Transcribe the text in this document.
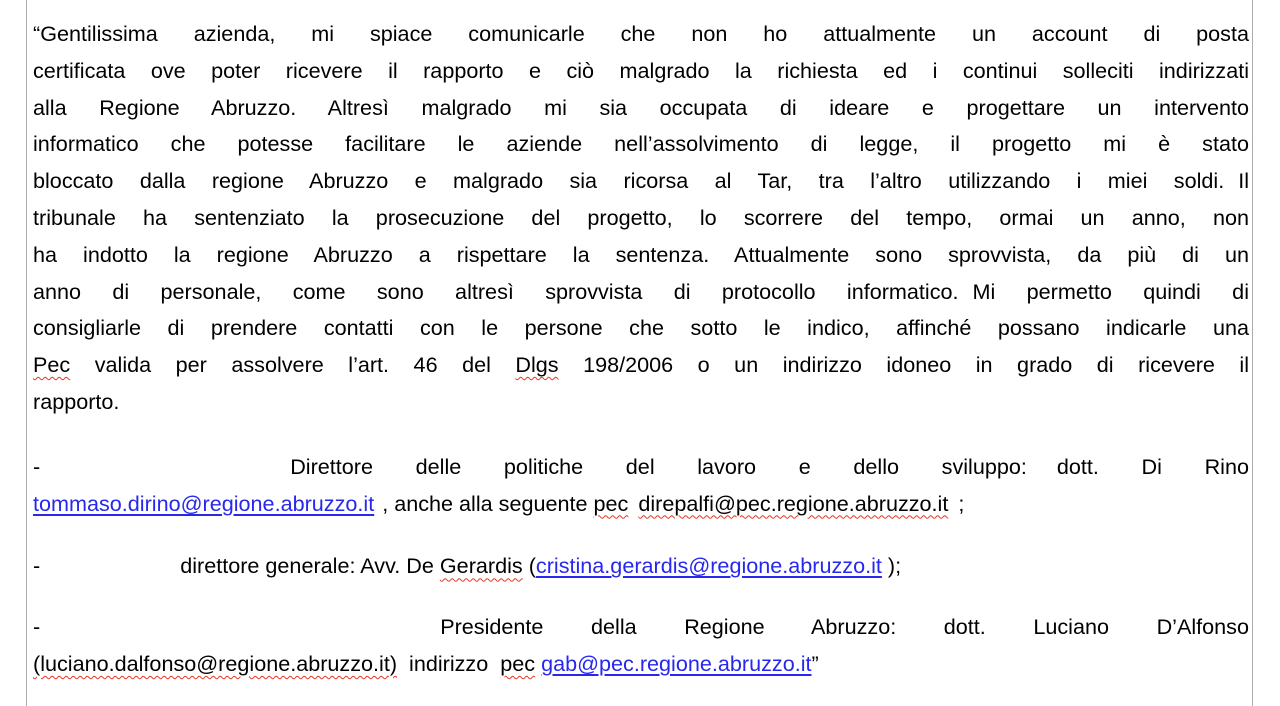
“Gentilissima azienda, mi spiace comunicarle che non ho attualmente un account di posta
certificata ove poter ricevere il rapporto e ciò malgrado la richiesta ed i continui solleciti indirizzati
alla Regione Abruzzo. Altresì malgrado mi sia occupata di ideare e progettare un intervento
informatico che potesse facilitare le aziende nell’assolvimento di legge, il progetto mi è stato
bloccato dalla regione Abruzzo e malgrado sia ricorsa al Tar, tra l’altro utilizzando i miei soldi. Il
tribunale ha sentenziato la prosecuzione del progetto, lo scorrere del tempo, ormai un anno, non
ha indotto la regione Abruzzo a rispettare la sentenza. Attualmente sono sprovvista, da più di un
anno di personale, come sono altresì sprovvista di protocollo informatico. Mi permetto quindi di
consigliarle di prendere contatti con le persone che sotto le indico, affinché possano indicarle una
Pec valida per assolvere l’art. 46 del Dlgs 198/2006 o un indirizzo idoneo in grado di ricevere il
rapporto.
-	Direttore delle politiche del lavoro e dello sviluppo: dott. Di Rino
tommaso.dirino@regione.abruzzo.it , anche alla seguente pec direpalfi@pec.regione.abruzzo.it ;
-	direttore generale: Avv. De Gerardis (cristina.gerardis@regione.abruzzo.it );
-	Presidente della Regione Abruzzo: dott. Luciano D’Alfonso
(luciano.dalfonso@regione.abruzzo.it) indirizzo pec gab@pec.regione.abruzzo.it”
